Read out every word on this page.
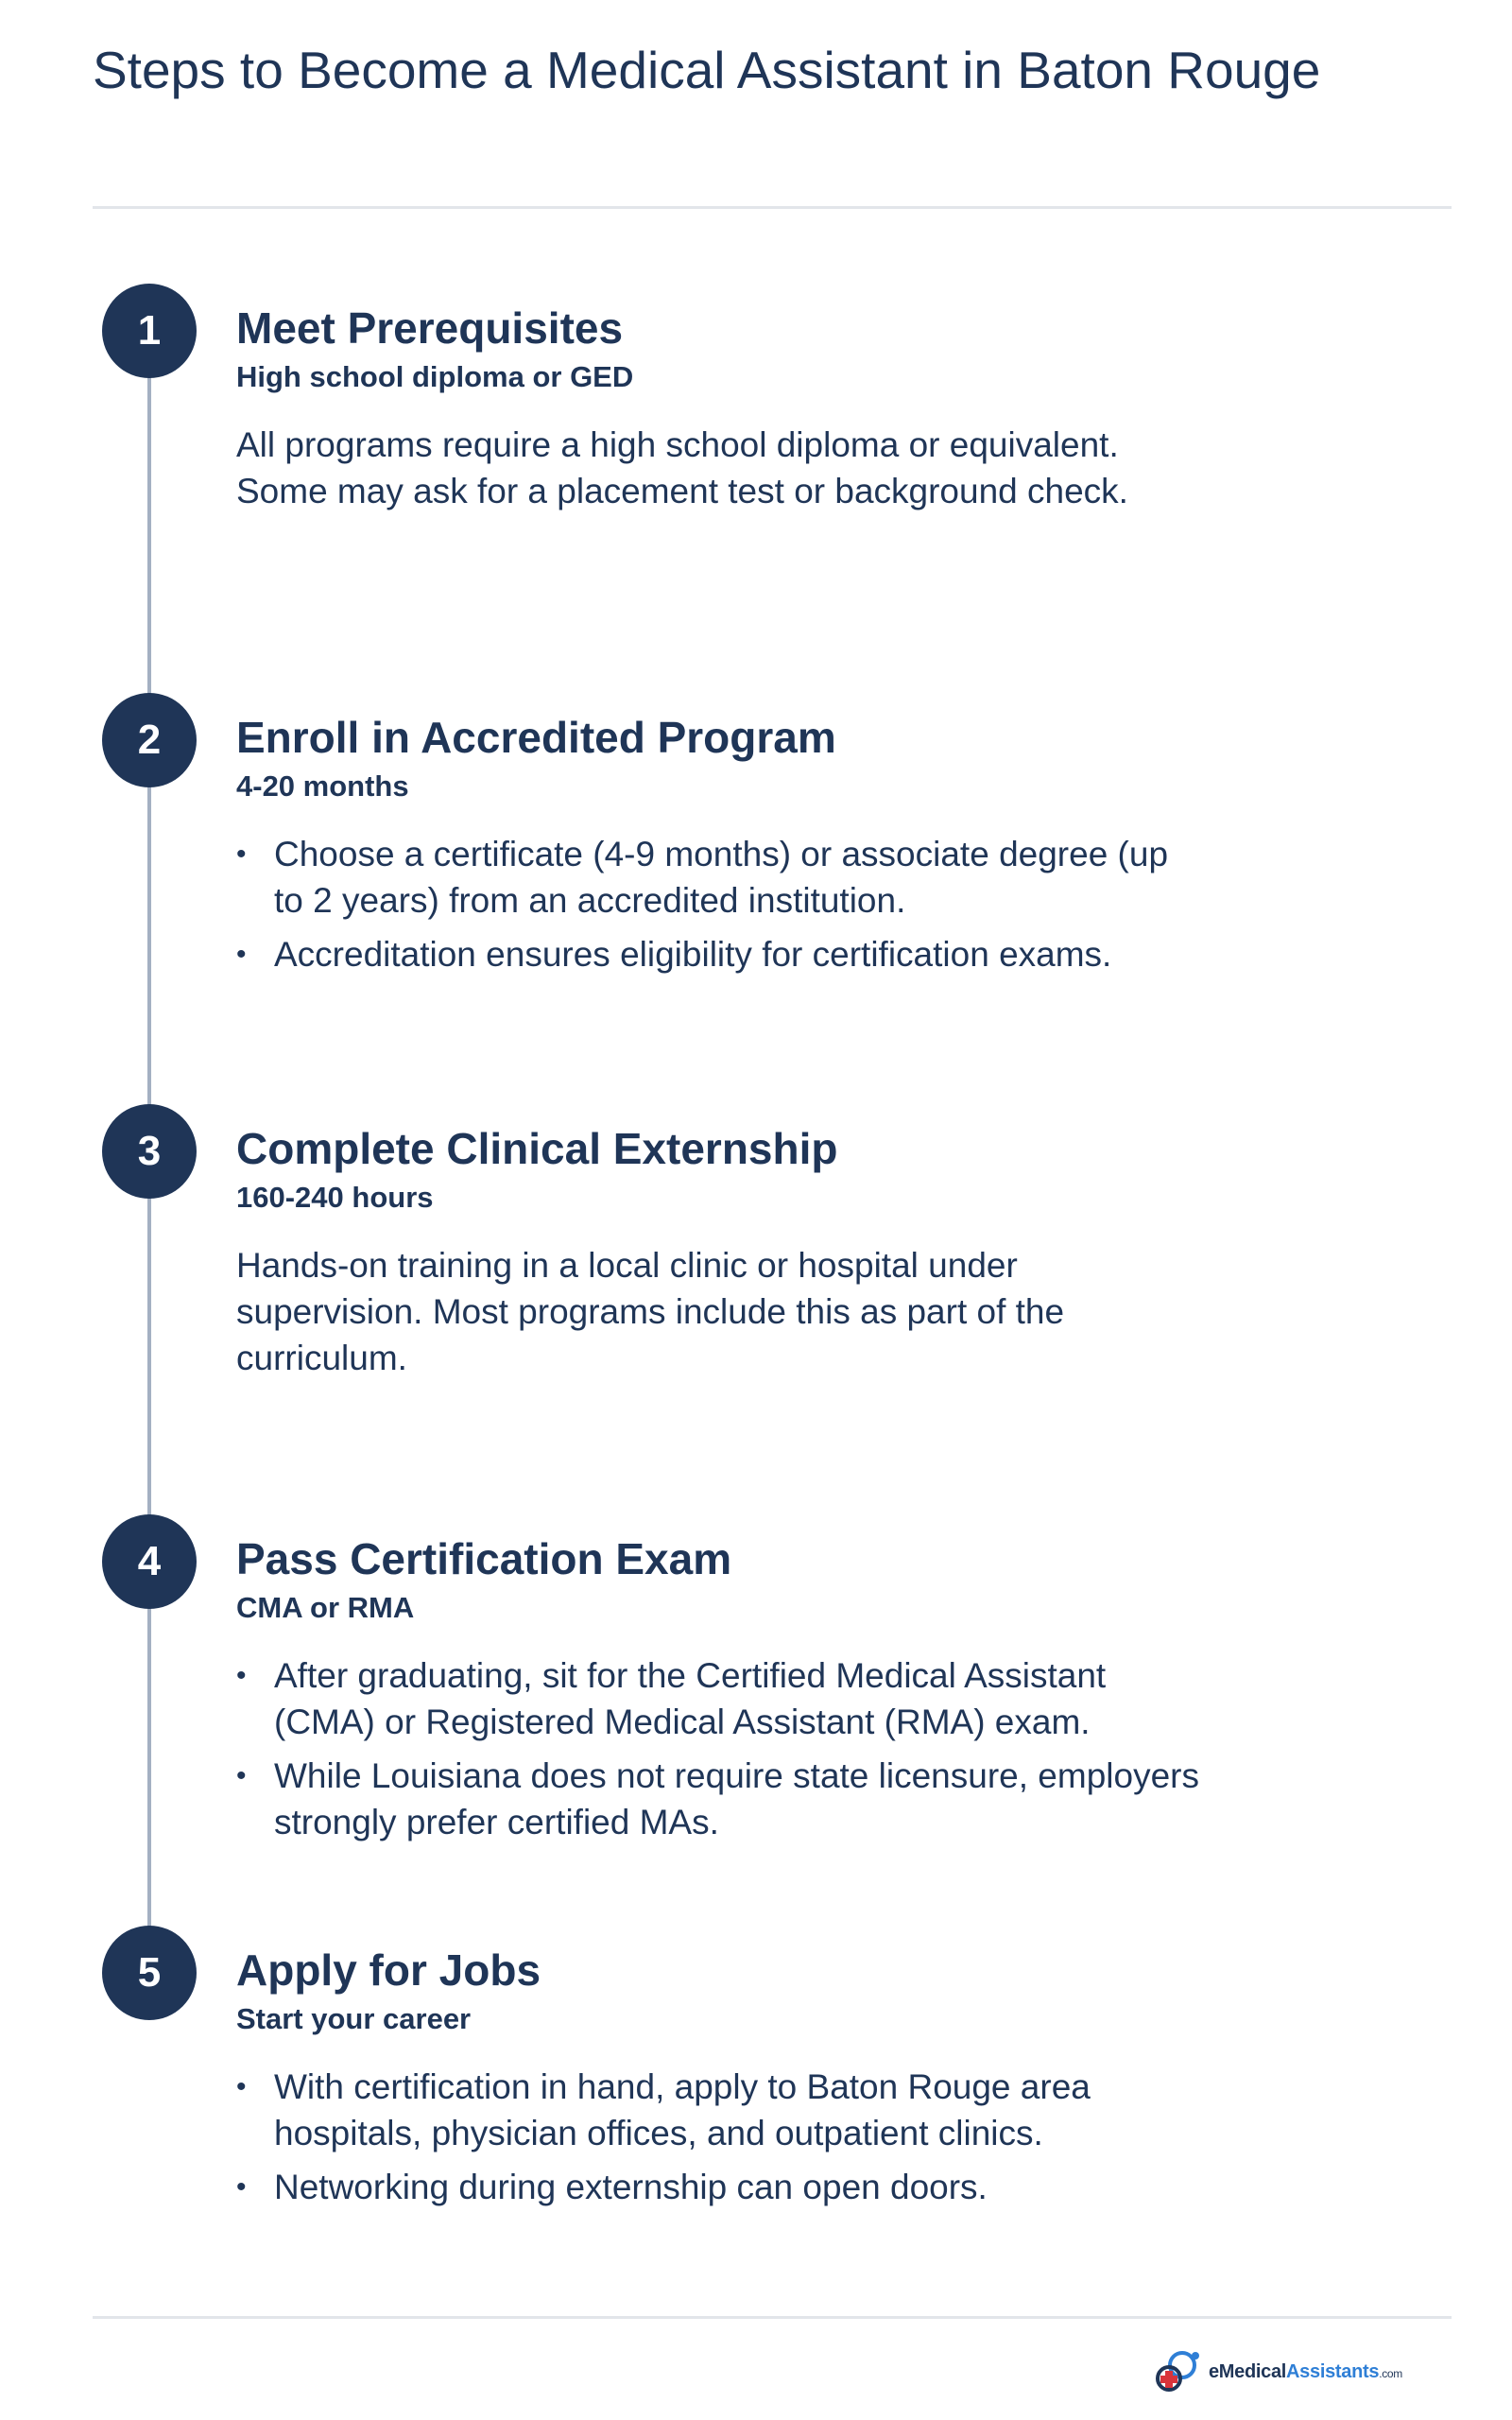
Steps to Become a Medical Assistant in Baton Rouge
1	Meet Prerequisites
High school diploma or GED
All programs require a high school diploma or equivalent. Some may ask for a placement test or background check.
2	Enroll in Accredited Program
4-20 months
• Choose a certificate (4-9 months) or associate degree (up to 2 years) from an accredited institution.
• Accreditation ensures eligibility for certification exams.
3	Complete Clinical Externship
160-240 hours
Hands-on training in a local clinic or hospital under supervision. Most programs include this as part of the curriculum.
4	Pass Certification Exam
CMA or RMA
• After graduating, sit for the Certified Medical Assistant (CMA) or Registered Medical Assistant (RMA) exam.
• While Louisiana does not require state licensure, employers strongly prefer certified MAs.
5	Apply for Jobs
Start your career
• With certification in hand, apply to Baton Rouge area hospitals, physician offices, and outpatient clinics.
• Networking during externship can open doors.
eMedicalAssistants.com
